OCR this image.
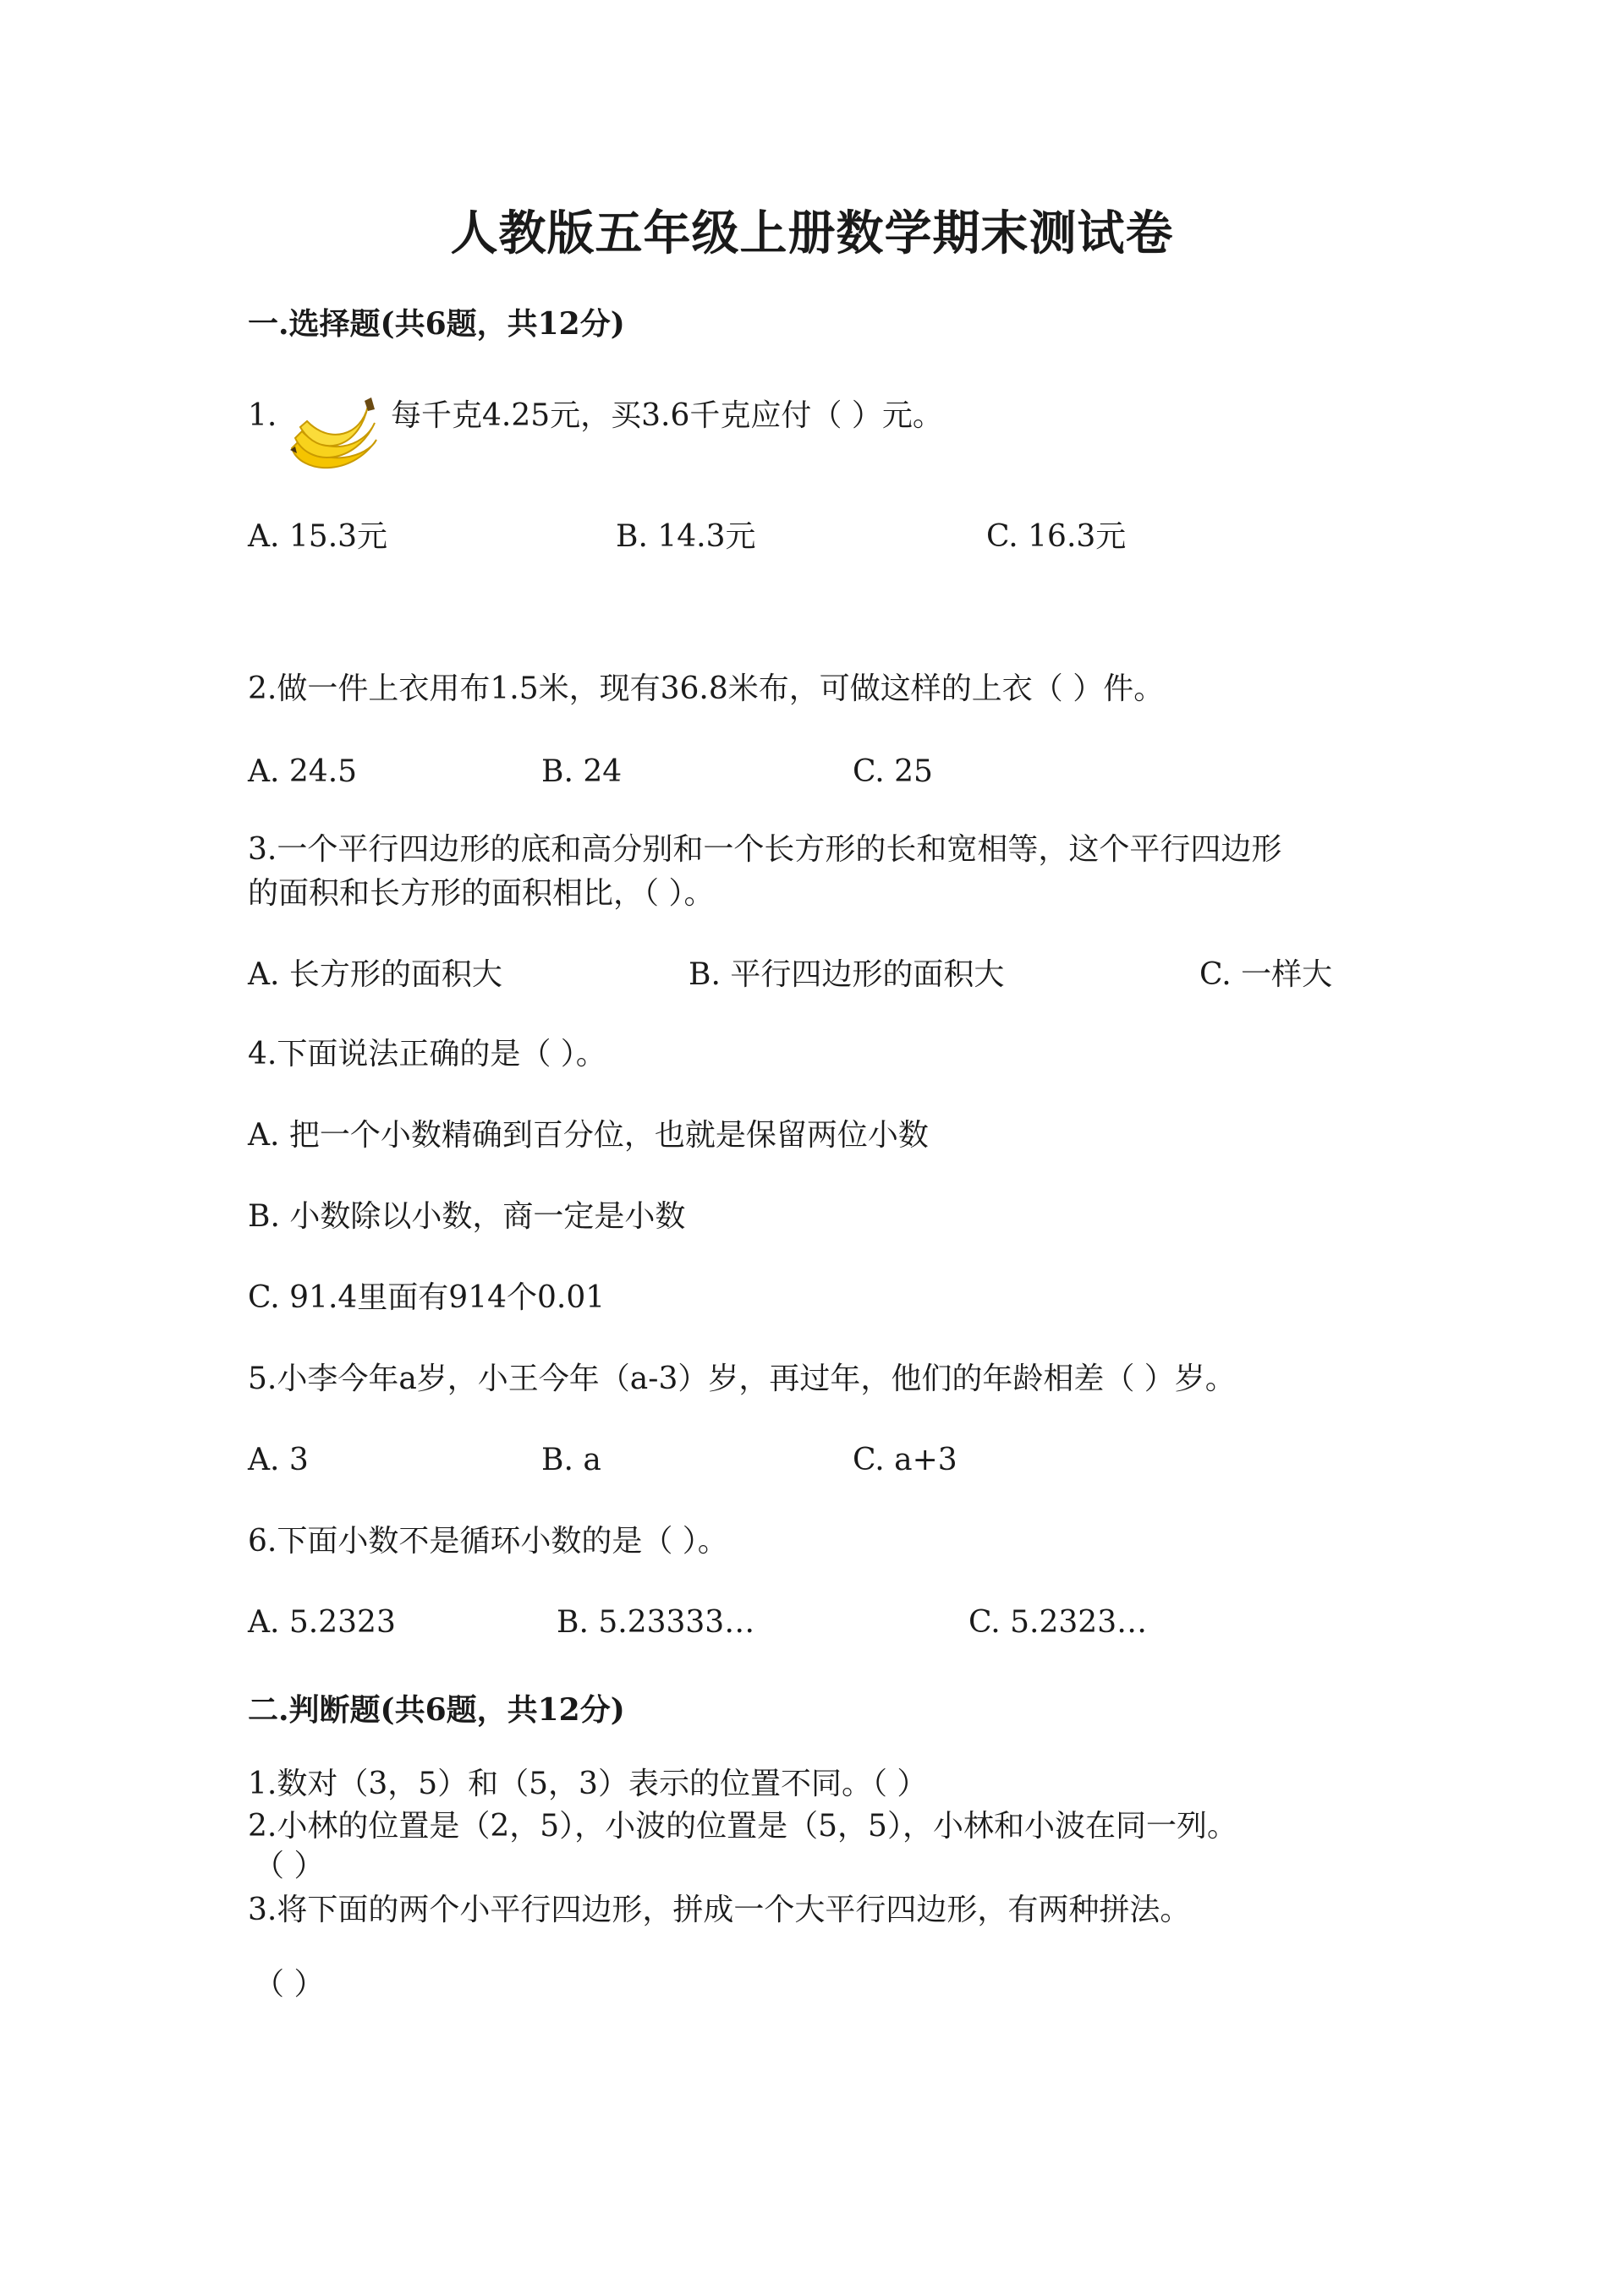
人教版五年级上册数学期末测试卷
一.选择题(共6题，共12分)
1.	每千克4.25元，买3.6千克应付（ ）元。
A. 15.3元	B. 14.3元	C. 16.3元
2.做一件上衣用布1.5米，现有36.8米布，可做这样的上衣（ ）件。
A. 24.5	B. 24	C. 25
3.一个平行四边形的底和高分别和一个长方形的长和宽相等，这个平行四边形
的面积和长方形的面积相比，（ ）。
A. 长方形的面积大	B. 平行四边形的面积大	C. 一样大
4.下面说法正确的是（ ）。
A. 把一个小数精确到百分位，也就是保留两位小数
B. 小数除以小数，商一定是小数
C. 91.4里面有914个0.01
5.小李今年a岁，小王今年（a-3）岁，再过年，他们的年龄相差（ ）岁。
A. 3	B. a	C. a+3
6.下面小数不是循环小数的是（ ）。
A. 5.2323	B. 5.23333…	C. 5.2323…
二.判断题(共6题，共12分)
1.数对（3，5）和（5，3）表示的位置不同。（ ）
2.小林的位置是（2，5），小波的位置是（5，5），小林和小波在同一列。
（ ）
3.将下面的两个小平行四边形，拼成一个大平行四边形，有两种拼法。
（ ）
